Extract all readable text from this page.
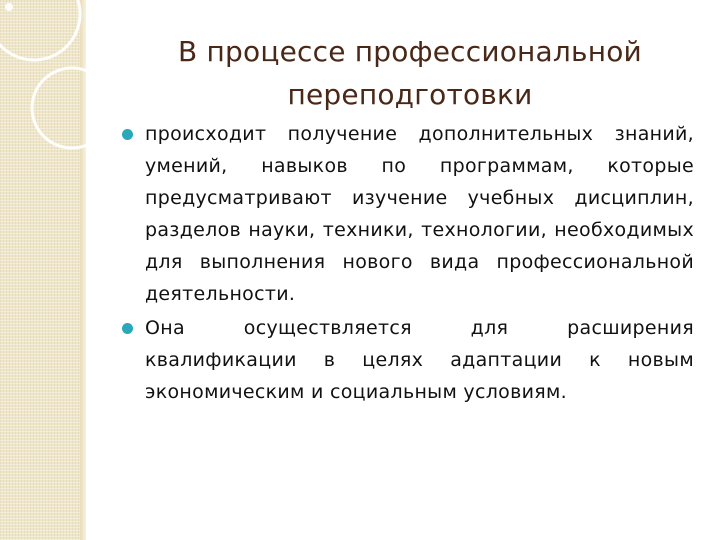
В процессе профессиональной переподготовки
происходит получение дополнительных знаний, умений, навыков по программам, которые предусматривают изучение учебных дисциплин, разделов науки, техники, технологии, необходимых для выполнения нового вида профессиональной деятельности.
Она осуществляется для расширения квалификации в целях адаптации к новым экономическим и социальным условиям.
